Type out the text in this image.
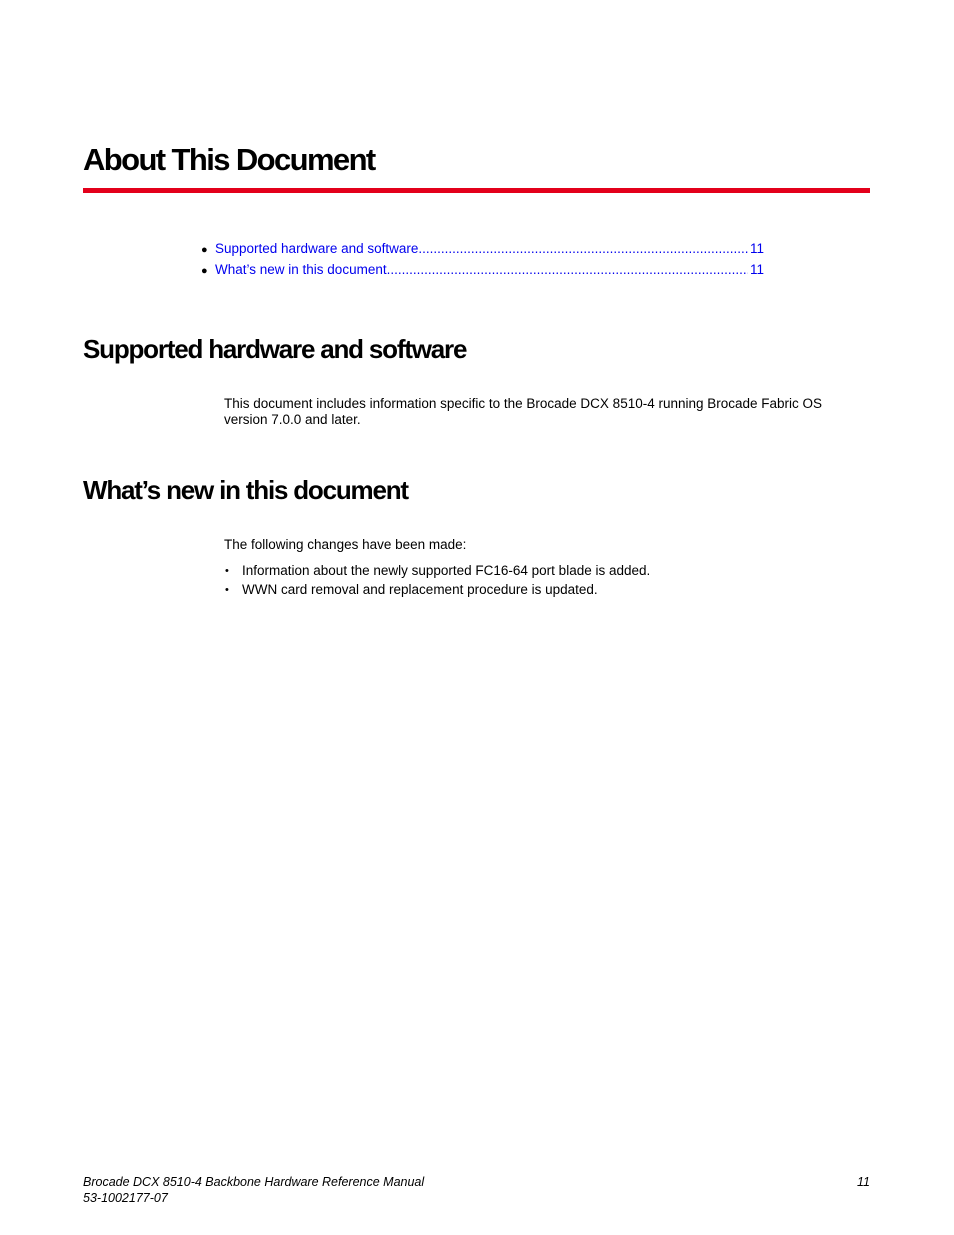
About This Document
● Supported hardware and software .....	11
● What’s new in this document .....	11
Supported hardware and software

This document includes information specific to the Brocade DCX 8510-4 running Brocade Fabric OS version 7.0.0 and later.

What’s new in this document

The following changes have been made:

• Information about the newly supported FC16-64 port blade is added.
• WWN card removal and replacement procedure is updated.
Brocade DCX 8510-4 Backbone Hardware Reference Manual	11
53-1002177-07
